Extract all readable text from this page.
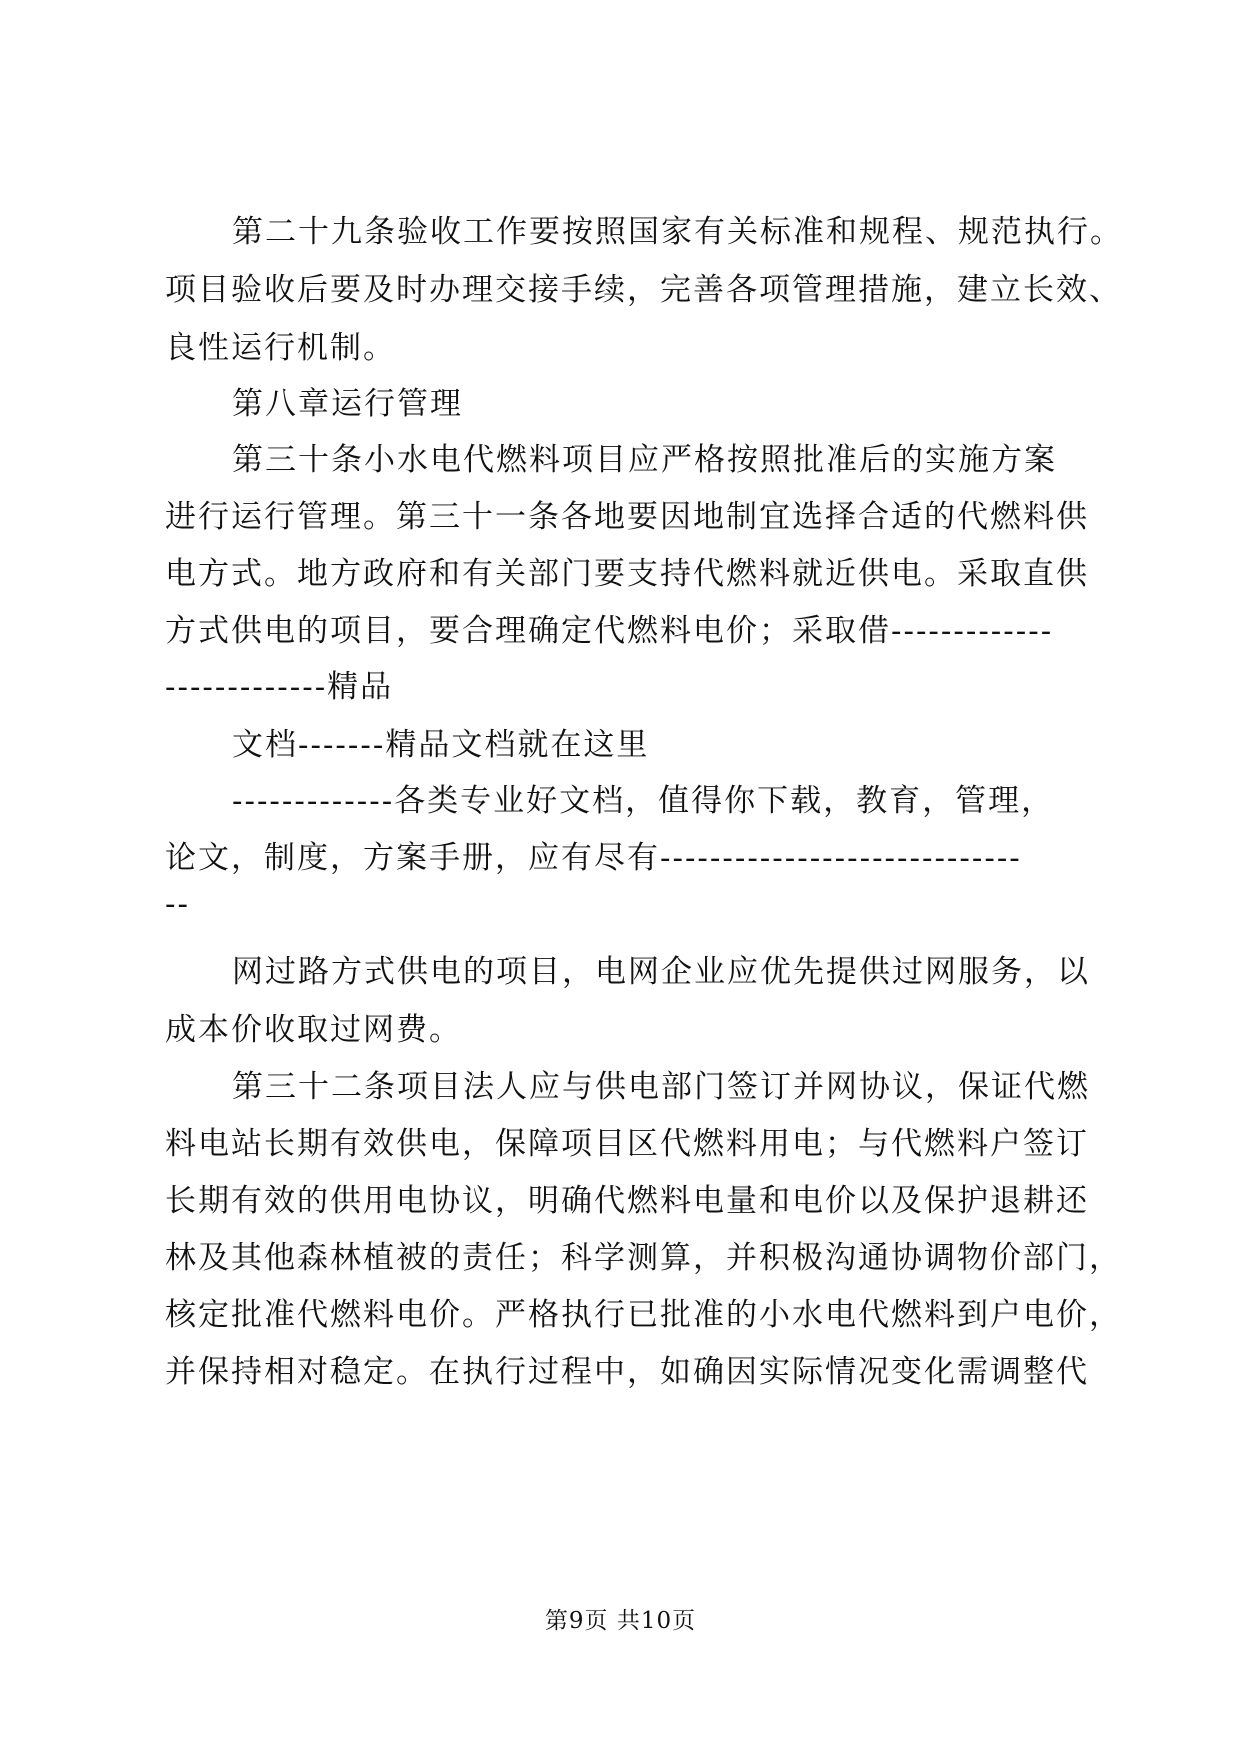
第二十九条验收工作要按照国家有关标准和规程、规范执行。
项目验收后要及时办理交接手续，完善各项管理措施，建立长效、
良性运行机制。
第八章运行管理
第三十条小水电代燃料项目应严格按照批准后的实施方案
进行运行管理。第三十一条各地要因地制宜选择合适的代燃料供
电方式。地方政府和有关部门要支持代燃料就近供电。采取直供
方式供电的项目，要合理确定代燃料电价；采取借-------------
-------------精品
文档-------精品文档就在这里
-------------各类专业好文档，值得你下载，教育，管理，
论文，制度，方案手册，应有尽有-----------------------------
--
网过路方式供电的项目，电网企业应优先提供过网服务，以
成本价收取过网费。
第三十二条项目法人应与供电部门签订并网协议，保证代燃
料电站长期有效供电，保障项目区代燃料用电；与代燃料户签订
长期有效的供用电协议，明确代燃料电量和电价以及保护退耕还
林及其他森林植被的责任；科学测算，并积极沟通协调物价部门，
核定批准代燃料电价。严格执行已批准的小水电代燃料到户电价，
并保持相对稳定。在执行过程中，如确因实际情况变化需调整代
第9页 共10页
